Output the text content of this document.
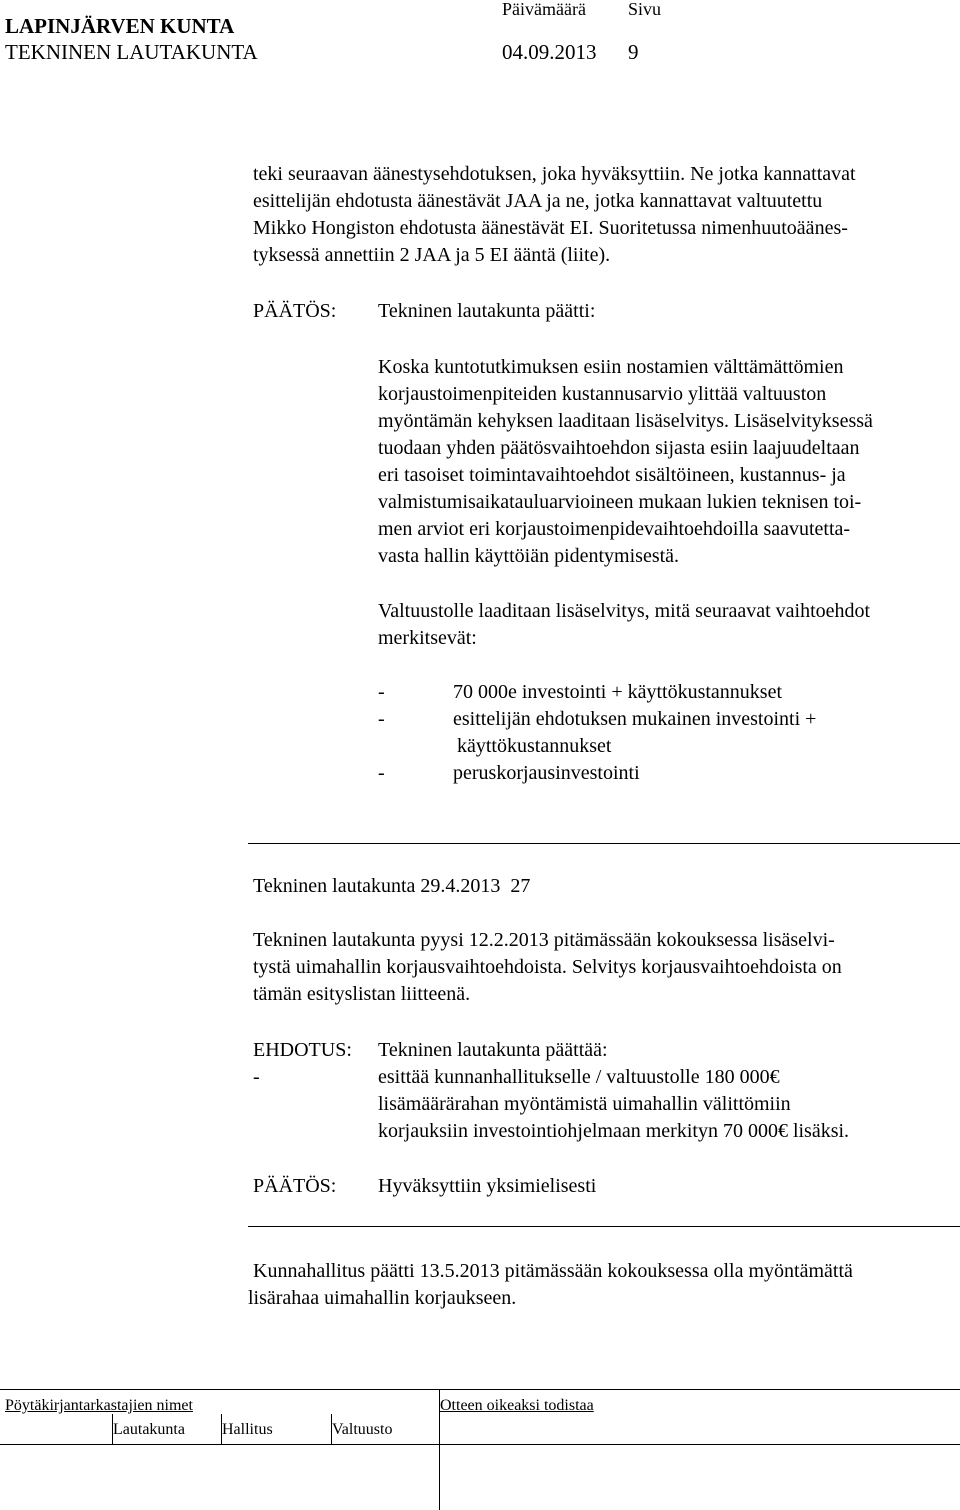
LAPINJÄRVEN KUNTA
TEKNINEN LAUTAKUNTA
Päivämäärä Sivu
04.09.2013 9
teki seuraavan äänestysehdotuksen, joka hyväksyttiin. Ne jotka kannattavat
esittelijän ehdotusta äänestävät JAA ja ne, jotka kannattavat valtuutettu
Mikko Hongiston ehdotusta äänestävät EI. Suoritetussa nimenhuutoäänes-
tyksessä annettiin 2 JAA ja 5 EI ääntä (liite).
PÄÄTÖS: Tekninen lautakunta päätti:
Koska kuntotutkimuksen esiin nostamien välttämättömien
korjaustoimenpiteiden kustannusarvio ylittää valtuuston
myöntämän kehyksen laaditaan lisäselvitys. Lisäselvityksessä
tuodaan yhden päätösvaihtoehdon sijasta esiin laajuudeltaan
eri tasoiset toimintavaihtoehdot sisältöineen, kustannus- ja
valmistumisaikatauluarvioineen mukaan lukien teknisen toi-
men arviot eri korjaustoimenpidevaihtoehdoilla saavutetta-
vasta hallin käyttöiän pidentymisestä.
Valtuustolle laaditaan lisäselvitys, mitä seuraavat vaihtoehdot
merkitsevät:
-	70 000e investointi + käyttökustannukset
-	esittelijän ehdotuksen mukainen investointi +
käyttökustannukset
-	peruskorjausinvestointi
Tekninen lautakunta 29.4.2013  27
Tekninen lautakunta pyysi 12.2.2013 pitämässään kokouksessa lisäselvi-
tystä uimahallin korjausvaihtoehdoista. Selvitys korjausvaihtoehdoista on
tämän esityslistan liitteenä.
EHDOTUS: Tekninen lautakunta päättää:
-	esittää kunnanhallitukselle / valtuustolle 180 000€
lisämäärärahan myöntämistä uimahallin välittömiin
korjauksiin investointiohjelmaan merkityn 70 000€ lisäksi.
PÄÄTÖS: Hyväksyttiin yksimielisesti
Kunnahallitus päätti 13.5.2013 pitämässään kokouksessa olla myöntämättä
lisärahaa uimahallin korjaukseen.
Pöytäkirjantarkastajien nimet	Otteen oikeaksi todistaa
Lautakunta Hallitus	Valtuusto
